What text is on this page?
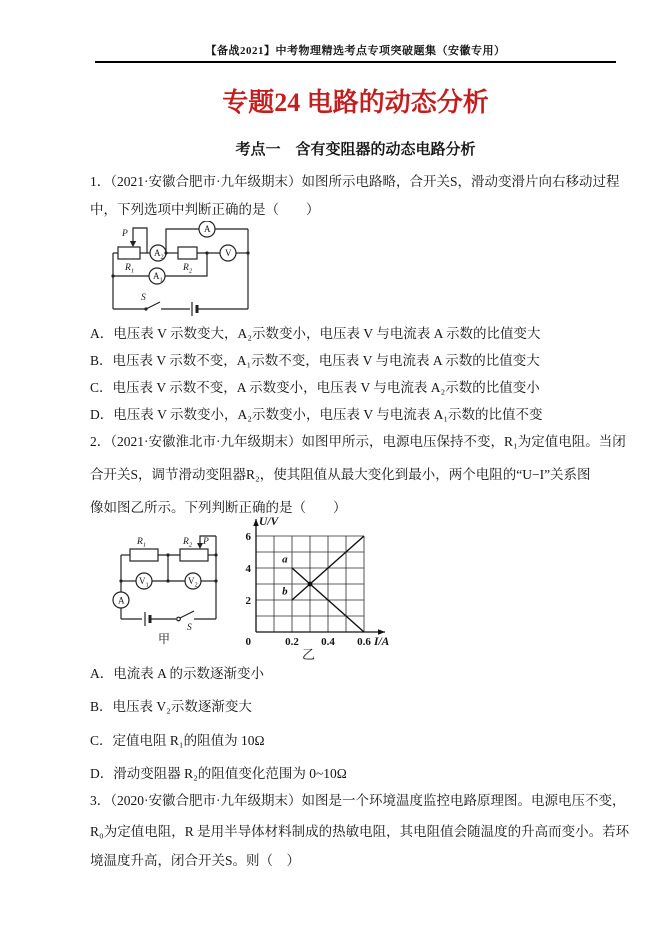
【备战2021】中考物理精选考点专项突破题集（安徽专用）
专题24 电路的动态分析
考点一　含有变阻器的动态电路分析
1．（2021·安徽合肥市·九年级期末）如图所示电路略，合开关S，滑动变滑片向右移动过程
中，下列选项中判断正确的是（　　）
P
$R_1$
$A_2$
$R_2$
A
V
$A_1$
S
A．电压表 V 示数变大，A₂示数变小，电压表 V 与电流表 A 示数的比值变大
B．电压表 V 示数不变，A₁示数不变，电压表 V 与电流表 A 示数的比值变大
C．电压表 V 示数不变，A 示数变小，电压表 V 与电流表 A₂示数的比值变小
D．电压表 V 示数变小，A₂示数变小，电压表 V 与电流表 A₁示数的比值不变
2．（2021·安徽淮北市·九年级期末）如图甲所示，电源电压保持不变，R₁为定值电阻。当闭
合开关S，调节滑动变阻器R₂，使其阻值从最大变化到最小，两个电阻的“U−I”关系图
像如图乙所示。下列判断正确的是（　　）
$R_1$	$R_2$ P
$V_1$	$V_2$
A
S
甲	0.2 0.4 0.6
2
4
6
0
U/V
I/A
a
b
乙
A．电流表 A 的示数逐渐变小
B．电压表 V₂示数逐渐变大
C．定值电阻 R₁的阻值为 10Ω
D．滑动变阻器 R₂的阻值变化范围为 0~10Ω
3．（2020·安徽合肥市·九年级期末）如图是一个环境温度监控电路原理图。电源电压不变，
R₀为定值电阻，R 是用半导体材料制成的热敏电阻，其电阻值会随温度的升高而变小。若环
境温度升高，闭合开关S。则（　）
